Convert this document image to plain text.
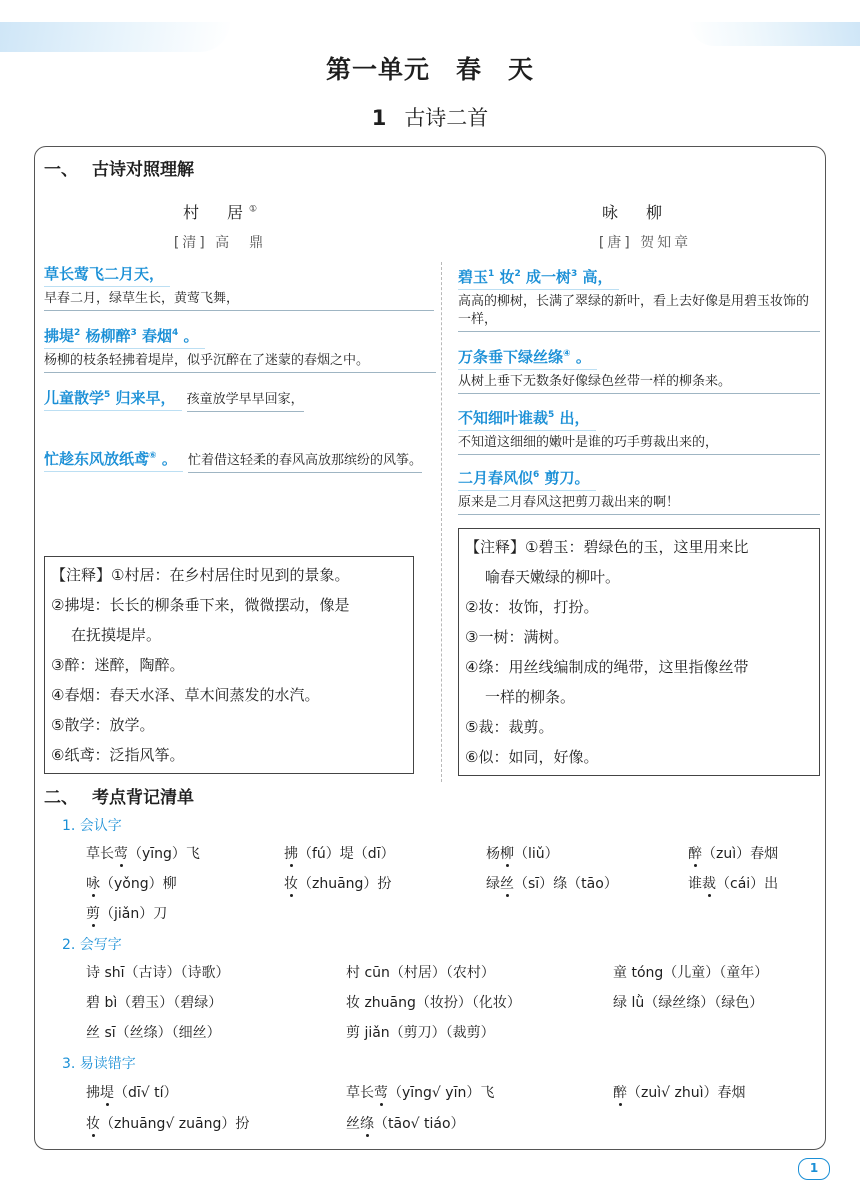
第一单元　春　天
1 古诗二首
一、 古诗对照理解
村　居①
[清] 高　鼎
咏　柳
[唐] 贺知章
草长莺飞二月天，
早春二月，绿草生长，黄莺飞舞，
拂堤$^2$ 杨柳醉$^3$ 春烟$^4$ 。
杨柳的枝条轻拂着堤岸，似乎沉醉在了迷蒙的春烟之中。
儿童散学$^5$ 归来早， 孩童放学早早回家，
忙趁东风放纸鸢⑥ 。 忙着借这轻柔的春风高放那缤纷的风筝。
碧玉$^1$ 妆$^2$ 成一树$^3$ 高，
高高的柳树，长满了翠绿的新叶，看上去好像是用碧玉妆饰的一样，
万条垂下绿丝绦④ 。
从树上垂下无数条好像绿色丝带一样的柳条来。
不知细叶谁裁$^5$ 出，
不知道这细细的嫩叶是谁的巧手剪裁出来的，
二月春风似$^6$ 剪刀。
原来是二月春风这把剪刀裁出来的啊！
【注释】①村居：在乡村居住时见到的景象。
②拂堤：长长的柳条垂下来，微微摆动，像是
在抚摸堤岸。
③醉：迷醉，陶醉。
④春烟：春天水泽、草木间蒸发的水汽。
⑤散学：放学。
⑥纸鸢：泛指风筝。
【注释】①碧玉：碧绿色的玉，这里用来比
喻春天嫩绿的柳叶。
②妆：妆饰，打扮。
③一树：满树。
④绦：用丝线编制成的绳带，这里指像丝带
一样的柳条。
⑤裁：裁剪。
⑥似：如同，好像。
二、 考点背记清单
1. 会认字
草长莺（yīng）飞	拂（fú）堤（dī）	杨柳（liǔ）	醉（zuì）春烟
咏（yǒng）柳	妆（zhuāng）扮	绿丝（sī）绦（tāo）	谁裁（cái）出
剪（jiǎn）刀
2. 会写字
诗 shī（古诗）（诗歌）	村 cūn（村居）（农村）	童 tóng（儿童）（童年）
碧 bì（碧玉）（碧绿）	妆 zhuāng（妆扮）（化妆）	绿 lǜ（绿丝绦）（绿色）
丝 sī（丝绦）（细丝）	剪 jiǎn（剪刀）（裁剪）
3. 易读错字
拂堤（dī√ tí）	草长莺（yīng√ yīn）飞	醉（zuì√ zhuì）春烟
妆（zhuāng√ zuāng）扮	丝绦（tāo√ tiáo）
1
